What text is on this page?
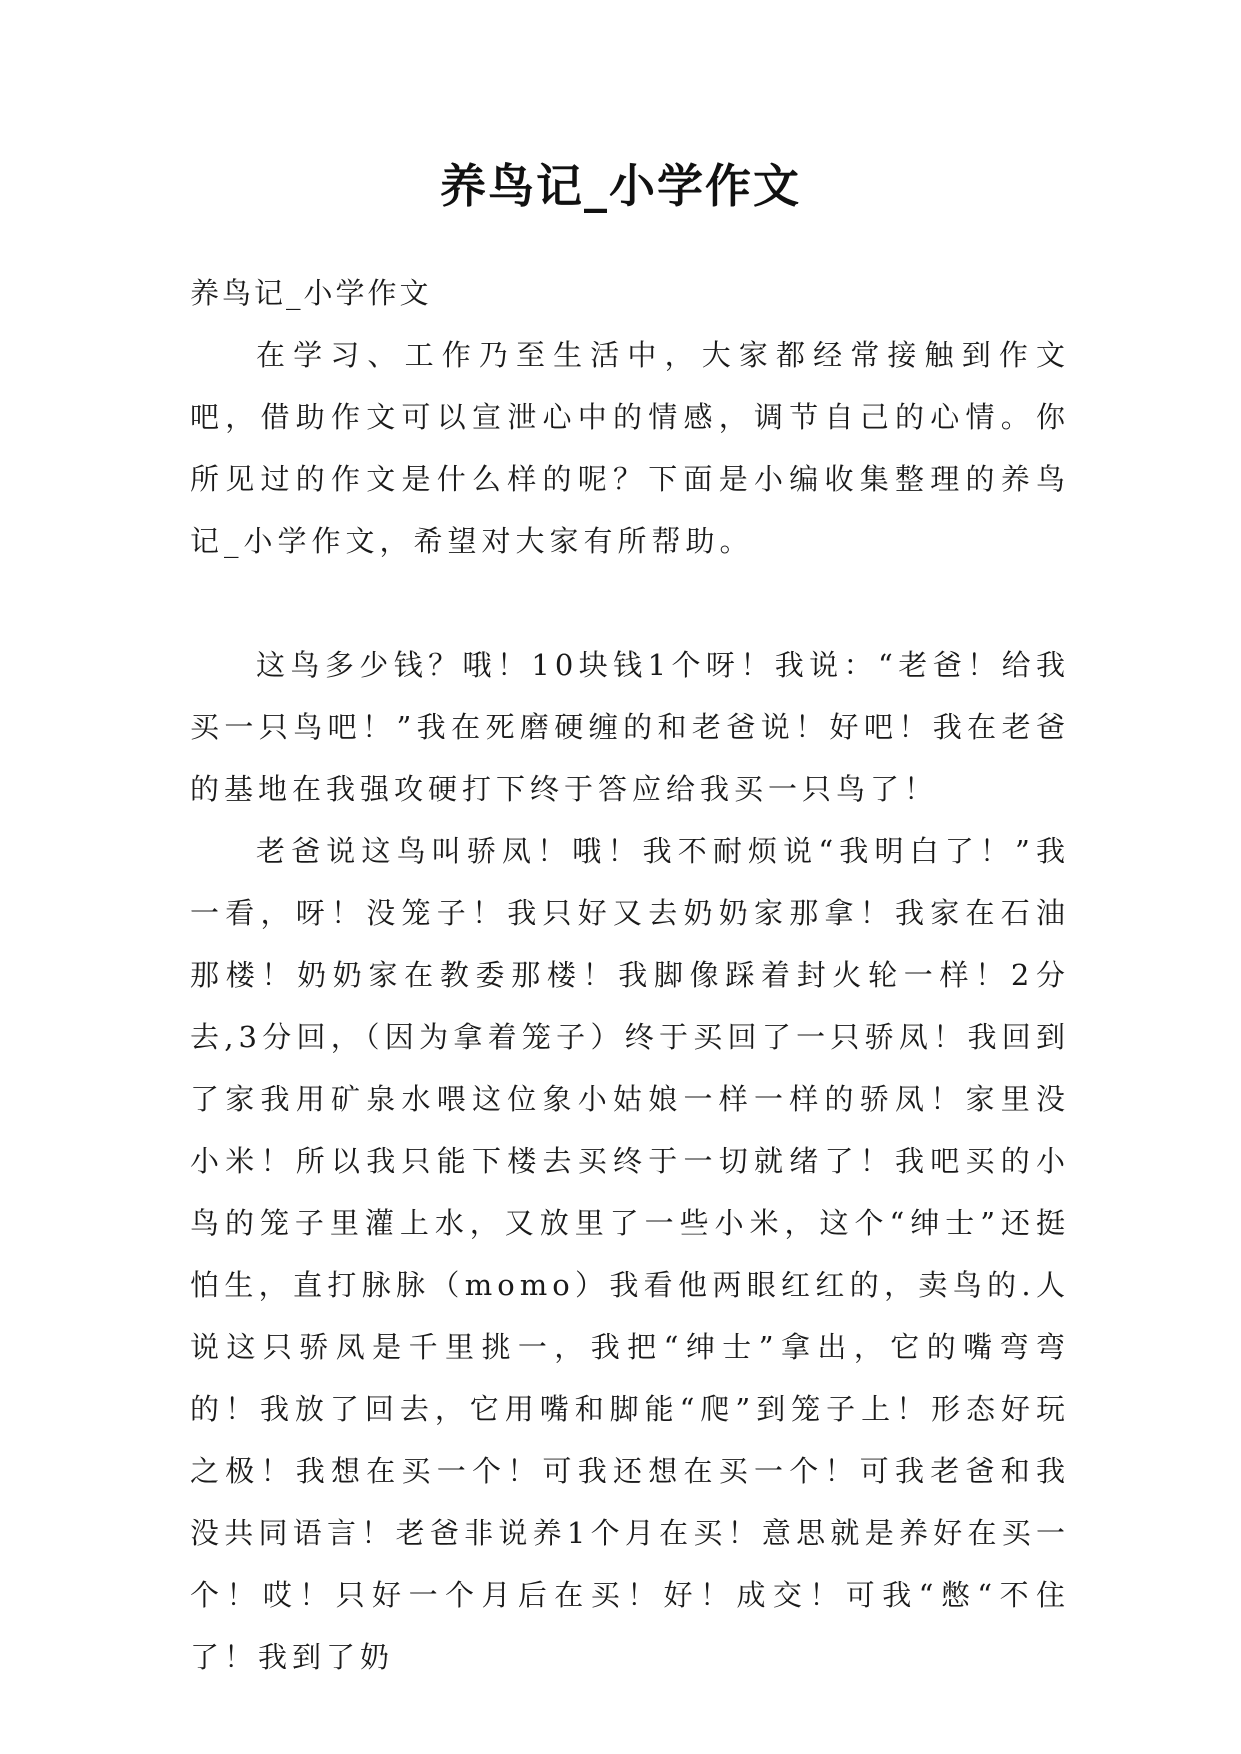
养鸟记_小学作文

养鸟记_小学作文

在学习、工作乃至生活中，大家都经常接触到作文吧，借助作文可以宣泄心中的情感，调节自己的心情。你所见过的作文是什么样的呢？下面是小编收集整理的养鸟记_小学作文，希望对大家有所帮助。

这鸟多少钱？哦！10块钱1个呀！我说：“老爸！给我买一只鸟吧！”我在死磨硬缠的和老爸说！好吧！我在老爸的基地在我强攻硬打下终于答应给我买一只鸟了！

老爸说这鸟叫骄凤！哦！我不耐烦说“我明白了！”我一看，呀！没笼子！我只好又去奶奶家那拿！我家在石油那楼！奶奶家在教委那楼！我脚像踩着封火轮一样！2分去,3分回，（因为拿着笼子）终于买回了一只骄凤！我回到了家我用矿泉水喂这位象小姑娘一样一样的骄凤！家里没小米！所以我只能下楼去买终于一切就绪了！我吧买的小鸟的笼子里灌上水，又放里了一些小米，这个“绅士”还挺怕生，直打脉脉（momo）我看他两眼红红的，卖鸟的.人说这只骄凤是千里挑一，我把“绅士”拿出，它的嘴弯弯的！我放了回去，它用嘴和脚能“爬”到笼子上！形态好玩之极！我想在买一个！可我还想在买一个！可我老爸和我没共同语言！老爸非说养1个月在买！意思就是养好在买一个！哎！只好一个月后在买！好！成交！可我“憋“不住了！我到了奶
